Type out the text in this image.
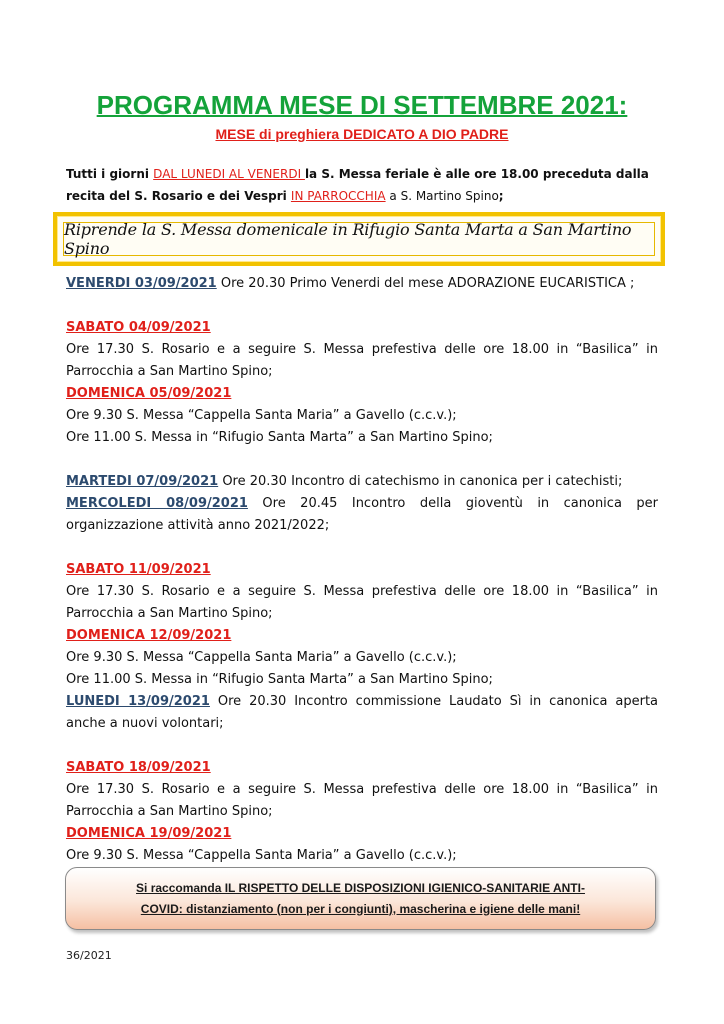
PROGRAMMA MESE DI SETTEMBRE 2021:
MESE di preghiera DEDICATO A DIO PADRE
Tutti i giorni DAL LUNEDI AL VENERDI la S. Messa feriale è alle ore 18.00 preceduta dalla recita del S. Rosario e dei Vespri IN PARROCCHIA a S. Martino Spino;
Riprende la S. Messa domenicale in Rifugio Santa Marta a San Martino Spino

VENERDI 03/09/2021 Ore 20.30 Primo Venerdi del mese ADORAZIONE EUCARISTICA ;

SABATO 04/09/2021

Ore 17.30 S. Rosario e a seguire S. Messa prefestiva delle ore 18.00 in “Basilica” in Parrocchia a San Martino Spino;

DOMENICA 05/09/2021

Ore 9.30 S. Messa “Cappella Santa Maria” a Gavello (c.c.v.);

Ore 11.00 S. Messa in “Rifugio Santa Marta” a San Martino Spino;

MARTEDI 07/09/2021 Ore 20.30 Incontro di catechismo in canonica per i catechisti;

MERCOLEDI 08/09/2021 Ore 20.45 Incontro della gioventù in canonica per organizzazione attività anno 2021/2022;

SABATO 11/09/2021

Ore 17.30 S. Rosario e a seguire S. Messa prefestiva delle ore 18.00 in “Basilica” in Parrocchia a San Martino Spino;

DOMENICA 12/09/2021

Ore 9.30 S. Messa “Cappella Santa Maria” a Gavello (c.c.v.);

Ore 11.00 S. Messa in “Rifugio Santa Marta” a San Martino Spino;

LUNEDI 13/09/2021 Ore 20.30 Incontro commissione Laudato Sì in canonica aperta anche a nuovi volontari;

SABATO 18/09/2021

Ore 17.30 S. Rosario e a seguire S. Messa prefestiva delle ore 18.00 in “Basilica” in Parrocchia a San Martino Spino;

DOMENICA 19/09/2021

Ore 9.30 S. Messa “Cappella Santa Maria” a Gavello (c.c.v.);

Si raccomanda IL RISPETTO DELLE DISPOSIZIONI IGIENICO-SANITARIE ANTI-
COVID: distanziamento (non per i congiunti), mascherina e igiene delle mani!
36/2021
